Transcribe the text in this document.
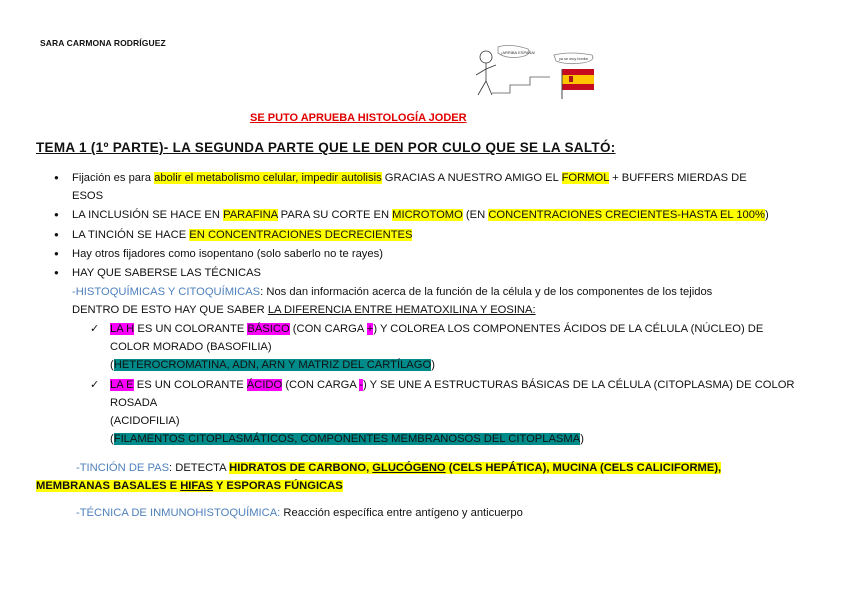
SARA CARMONA RODRÍGUEZ
¡ARRIBA ESPAÑA!
ya se muy bonita
SE PUTO APRUEBA HISTOLOGÍA JODER
TEMA 1 (1º PARTE)- LA SEGUNDA PARTE QUE LE DEN POR CULO QUE SE LA SALTÓ:
● Fijación es para abolir el metabolismo celular, impedir autolisis GRACIAS A NUESTRO AMIGO EL FORMOL + BUFFERS MIERDAS DE
ESOS
● LA INCLUSIÓN SE HACE EN PARAFINA PARA SU CORTE EN MICROTOMO (EN CONCENTRACIONES CRECIENTES-HASTA EL 100%)
● LA TINCIÓN SE HACE EN CONCENTRACIONES DECRECIENTES
● Hay otros fijadores como isopentano (solo saberlo no te rayes)
● HAY QUE SABERSE LAS TÉCNICAS
-HISTOQUÍMICAS Y CITOQUÍMICAS: Nos dan información acerca de la función de la célula y de los componentes de los tejidos
DENTRO DE ESTO HAY QUE SABER LA DIFERENCIA ENTRE HEMATOXILINA Y EOSINA:
✓ LA H ES UN COLORANTE BÁSICO (CON CARGA +) Y COLOREA LOS COMPONENTES ÁCIDOS DE LA CÉLULA (NÚCLEO) DE
COLOR MORADO (BASOFILIA)
(HETEROCROMATINA, ADN, ARN Y MATRIZ DEL CARTÍLAGO)
✓ LA E ES UN COLORANTE ÁCIDO (CON CARGA -) Y SE UNE A ESTRUCTURAS BÁSICAS DE LA CÉLULA (CITOPLASMA) DE COLOR
ROSADA
(ACIDOFILIA)
(FILAMENTOS CITOPLASMÁTICOS, COMPONENTES MEMBRANOSOS DEL CITOPLASMA)
-TINCIÓN DE PAS: DETECTA HIDRATOS DE CARBONO, GLUCÓGENO (CELS HEPÁTICA), MUCINA (CELS CALICIFORME),
MEMBRANAS BASALES E HIFAS Y ESPORAS FÚNGICAS
-TÉCNICA DE INMUNOHISTOQUÍMICA: Reacción específica entre antígeno y anticuerpo
